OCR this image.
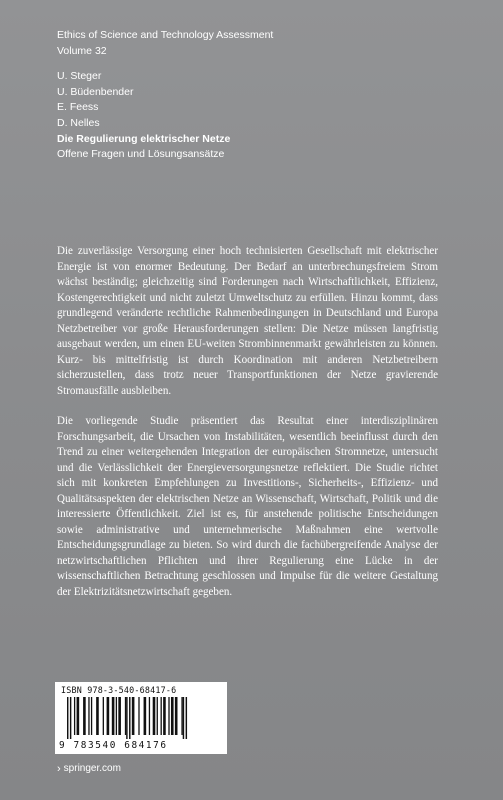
Ethics of Science and Technology Assessment
Volume 32
U. Steger
U. Büdenbender
E. Feess
D. Nelles
Die Regulierung elektrischer Netze
Offene Fragen und Lösungsansätze

Die zuverlässige Versorgung einer hoch technisierten Gesellschaft mit elektrischer Energie ist von enormer Bedeutung. Der Bedarf an unterbrechungsfreiem Strom wächst beständig; gleichzeitig sind Forderungen nach Wirtschaftlichkeit, Effizienz, Kostengerechtigkeit und nicht zuletzt Umweltschutz zu erfüllen. Hinzu kommt, dass grundlegend veränderte rechtliche Rahmenbedingungen in Deutschland und Europa Netzbetreiber vor große Herausforderungen stellen: Die Netze müssen langfristig ausgebaut werden, um einen EU-weiten Strombinnenmarkt gewährleisten zu können. Kurz- bis mittelfristig ist durch Koordination mit anderen Netzbetreibern sicherzustellen, dass trotz neuer Transportfunktionen der Netze gravierende Stromausfälle ausbleiben.

Die vorliegende Studie präsentiert das Resultat einer interdisziplinären Forschungsarbeit, die Ursachen von Instabilitäten, wesentlich beeinflusst durch den Trend zu einer weitergehenden Integration der europäischen Stromnetze, untersucht und die Verlässlichkeit der Energieversorgungsnetze reflektiert. Die Studie richtet sich mit konkreten Empfehlungen zu Investitions-, Sicherheits-, Effizienz- und Qualitätsaspekten der elektrischen Netze an Wissenschaft, Wirtschaft, Politik und die interessierte Öffentlichkeit. Ziel ist es, für anstehende politische Entscheidungen sowie administrative und unternehmerische Maßnahmen eine wertvolle Entscheidungsgrundlage zu bieten. So wird durch die fachübergreifende Analyse der netzwirtschaftlichen Pflichten und ihrer Regulierung eine Lücke in der wissenschaftlichen Betrachtung geschlossen und Impulse für die weitere Gestaltung der Elektrizitätsnetzwirtschaft gegeben.

ISBN 978-3-540-68417-6
9 783540 684176
› springer.com
